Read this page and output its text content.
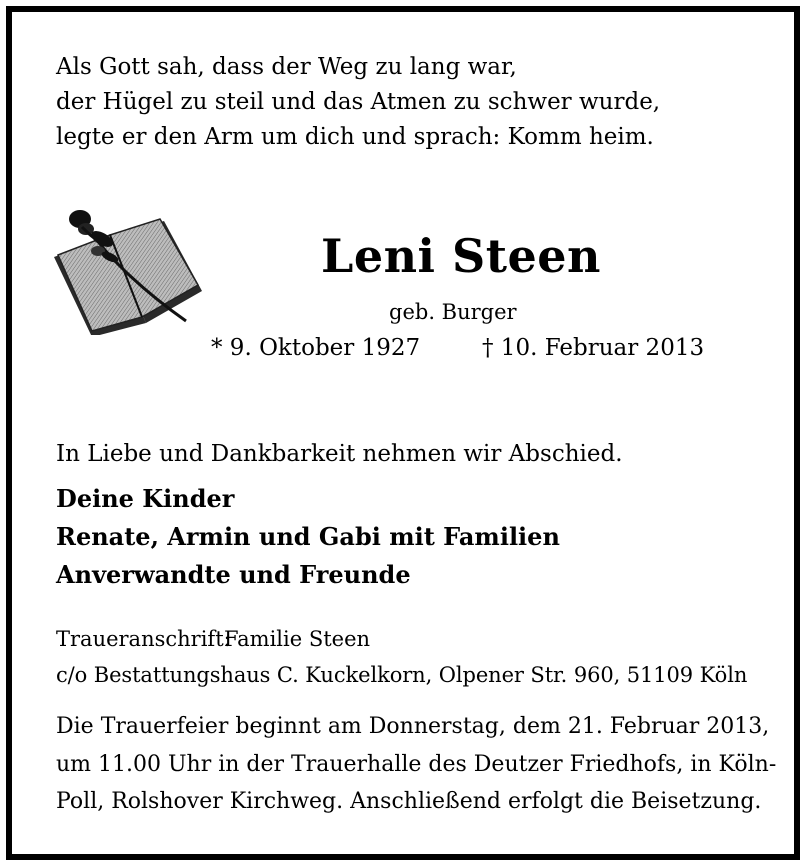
Als Gott sah, dass der Weg zu lang war,
der Hügel zu steil und das Atmen zu schwer wurde,
legte er den Arm um dich und sprach: Komm heim.
Leni Steen
geb. Burger
* 9. Oktober 1927	† 10. Februar 2013
In Liebe und Dankbarkeit nehmen wir Abschied.
Deine Kinder
Renate, Armin und Gabi mit Familien
Anverwandte und Freunde
Traueranschrift:
Familie Steen
c/o Bestattungshaus C. Kuckelkorn, Olpener Str. 960, 51109 Köln
Die Trauerfeier beginnt am Donnerstag, dem 21. Februar 2013,
um 11.00 Uhr in der Trauerhalle des Deutzer Friedhofs, in Köln-
Poll, Rolshover Kirchweg. Anschließend erfolgt die Beisetzung.
